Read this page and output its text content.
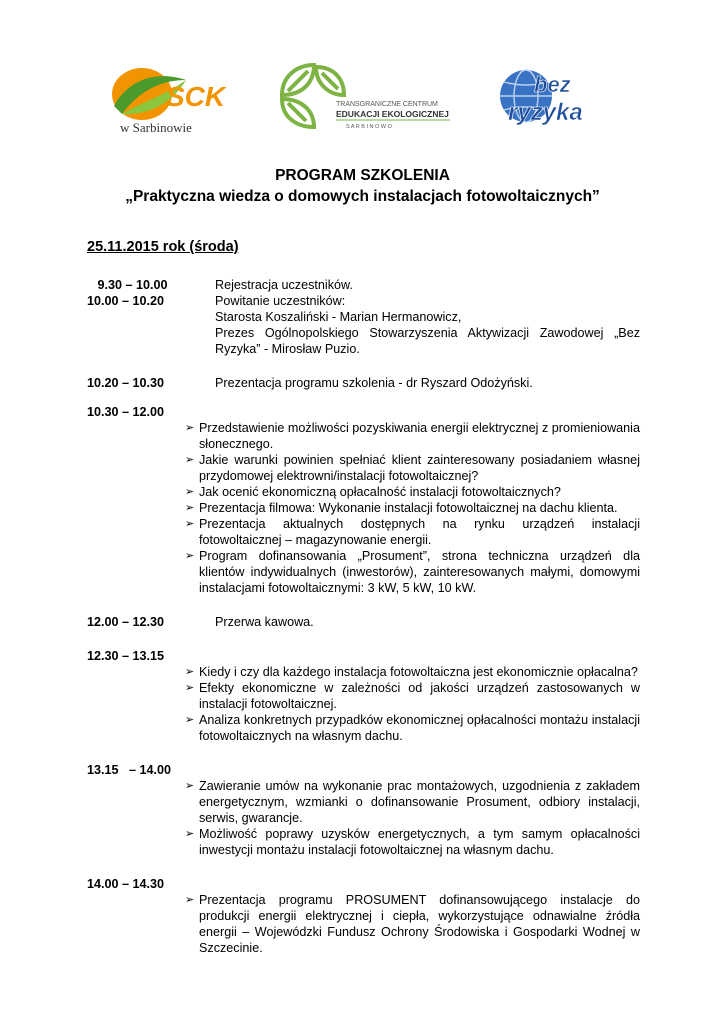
SCK
w Sarbinowie
TRANSGRANICZNE CENTRUM
EDUKACJI EKOLOGICZNEJ
S A R B I N O W O
bez
ryzyka
PROGRAM SZKOLENIA
„Praktyczna wiedza o domowych instalacjach fotowoltaicznych”
25.11.2015 rok (środa)
9.30 – 10.00	Rejestracja uczestników.
10.00 – 10.20	Powitanie uczestników:
Starosta Koszaliński - Marian Hermanowicz,
Prezes Ogólnopolskiego Stowarzyszenia Aktywizacji Zawodowej „Bez Ryzyka” - Mirosław Puzio.
10.20 – 10.30	Prezentacja programu szkolenia - dr Ryszard Odożyński.
10.30 – 12.00
➢ Przedstawienie możliwości pozyskiwania energii elektrycznej z promieniowania słonecznego.
➢ Jakie warunki powinien spełniać klient zainteresowany posiadaniem własnej przydomowej elektrowni/instalacji fotowoltaicznej?
➢ Jak ocenić ekonomiczną opłacalność instalacji fotowoltaicznych?
➢ Prezentacja filmowa: Wykonanie instalacji fotowoltaicznej na dachu klienta.
➢ Prezentacja aktualnych dostępnych na rynku urządzeń instalacji fotowoltaicznej – magazynowanie energii.
➢ Program dofinansowania „Prosument”, strona techniczna urządzeń dla klientów indywidualnych (inwestorów), zainteresowanych małymi, domowymi instalacjami fotowoltaicznymi: 3 kW, 5 kW, 10 kW.
12.00 – 12.30	Przerwa kawowa.
12.30 – 13.15
➢ Kiedy i czy dla każdego instalacja fotowoltaiczna jest ekonomicznie opłacalna?
➢ Efekty ekonomiczne w zależności od jakości urządzeń zastosowanych w instalacji fotowoltaicznej.
➢ Analiza konkretnych przypadków ekonomicznej opłacalności montażu instalacji fotowoltaicznych na własnym dachu.
13.15   – 14.00
➢ Zawieranie umów na wykonanie prac montażowych, uzgodnienia z zakładem energetycznym, wzmianki o dofinansowanie Prosument, odbiory instalacji, serwis, gwarancje.
➢ Możliwość poprawy uzysków energetycznych, a tym samym opłacalności inwestycji montażu instalacji fotowoltaicznej na własnym dachu.
14.00 – 14.30
➢ Prezentacja programu PROSUMENT dofinansowującego instalacje do produkcji energii elektrycznej i ciepła, wykorzystujące odnawialne źródła energii – Wojewódzki Fundusz Ochrony Środowiska i Gospodarki Wodnej w Szczecinie.
